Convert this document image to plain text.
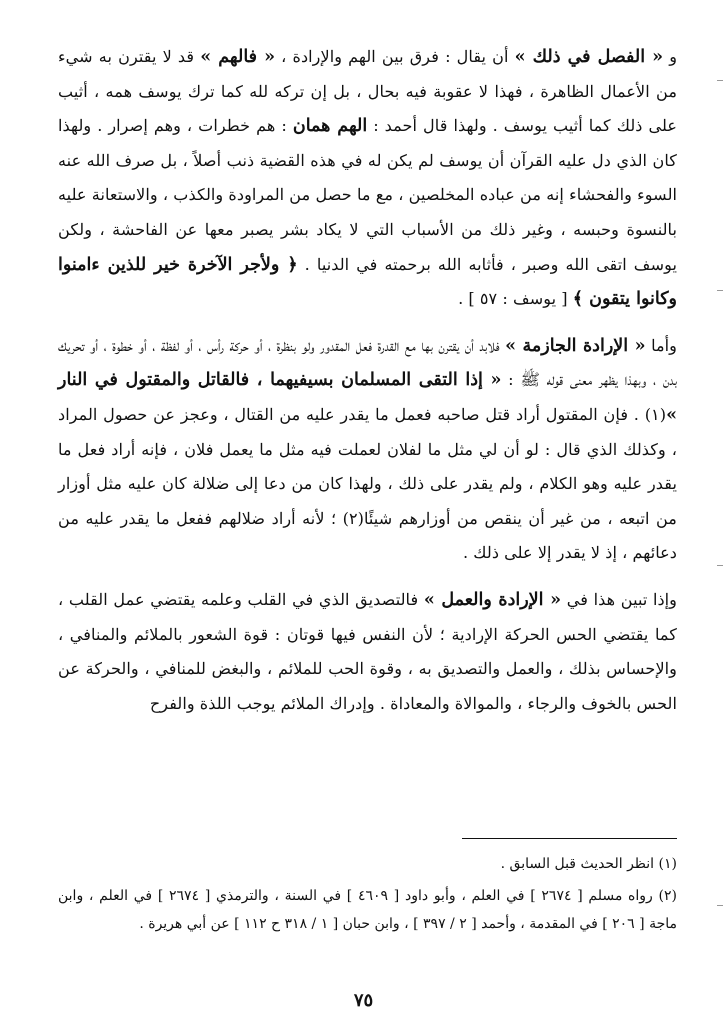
و « الفصل في ذلك » أن يقال : فرق بين الهم والإرادة ، « فالهم » قد لا يقترن به شيء من الأعمال الظاهرة ، فهذا لا عقوبة فيه بحال ، بل إن تركه لله كما ترك يوسف همه ، أثيب على ذلك كما أثيب يوسف . ولهذا قال أحمد : الهم همان : هم خطرات ، وهم إصرار . ولهذا كان الذي دل عليه القرآن أن يوسف لم يكن له في هذه القضية ذنب أصلاً ، بل صرف الله عنه السوء والفحشاء إنه من عباده المخلصين ، مع ما حصل من المراودة والكذب ، والاستعانة عليه بالنسوة وحبسه ، وغير ذلك من الأسباب التي لا يكاد بشر يصبر معها عن الفاحشة ، ولكن يوسف اتقى الله وصبر ، فأثابه الله برحمته في الدنيا . ﴿ ولأجر الآخرة خير للذين ءامنوا وكانوا يتقون ﴾ [ يوسف : ٥٧ ] .

وأما « الإرادة الجازمة » فلابد أن يقترن بها مع القدرة فعل المقدور ولو بنظرة ، أو حركة رأس ، أو لفظة ، أو خطوة ، أو تحريك بدن ، وبهذا يظهر معنى قوله ﷺ : « إذا التقى المسلمان بسيفيهما ، فالقاتل والمقتول في النار »(١) . فإن المقتول أراد قتل صاحبه فعمل ما يقدر عليه من القتال ، وعجز عن حصول المراد ، وكذلك الذي قال : لو أن لي مثل ما لفلان لعملت فيه مثل ما يعمل فلان ، فإنه أراد فعل ما يقدر عليه وهو الكلام ، ولم يقدر على ذلك ، ولهذا كان من دعا إلى ضلالة كان عليه مثل أوزار من اتبعه ، من غير أن ينقص من أوزارهم شيئًا(٢) ؛ لأنه أراد ضلالهم ففعل ما يقدر عليه من دعائهم ، إذ لا يقدر إلا على ذلك .

وإذا تبين هذا في « الإرادة والعمل » فالتصديق الذي في القلب وعلمه يقتضي عمل القلب ، كما يقتضي الحس الحركة الإرادية ؛ لأن النفس فيها قوتان : قوة الشعور بالملائم والمنافي ، والإحساس بذلك ، والعمل والتصديق به ، وقوة الحب للملائم ، والبغض للمنافي ، والحركة عن الحس بالخوف والرجاء ، والموالاة والمعاداة . وإدراك الملائم يوجب اللذة والفرح

(١) انظر الحديث قبل السابق .

(٢) رواه مسلم [ ٢٦٧٤ ] في العلم ، وأبو داود [ ٤٦٠٩ ] في السنة ، والترمذي [ ٢٦٧٤ ] في العلم ، وابن ماجة [ ٢٠٦ ] في المقدمة ، وأحمد [ ٢ / ٣٩٧ ] ، وابن حبان [ ١ / ٣١٨ ح ١١٢ ] عن أبي هريرة .

٧٥
